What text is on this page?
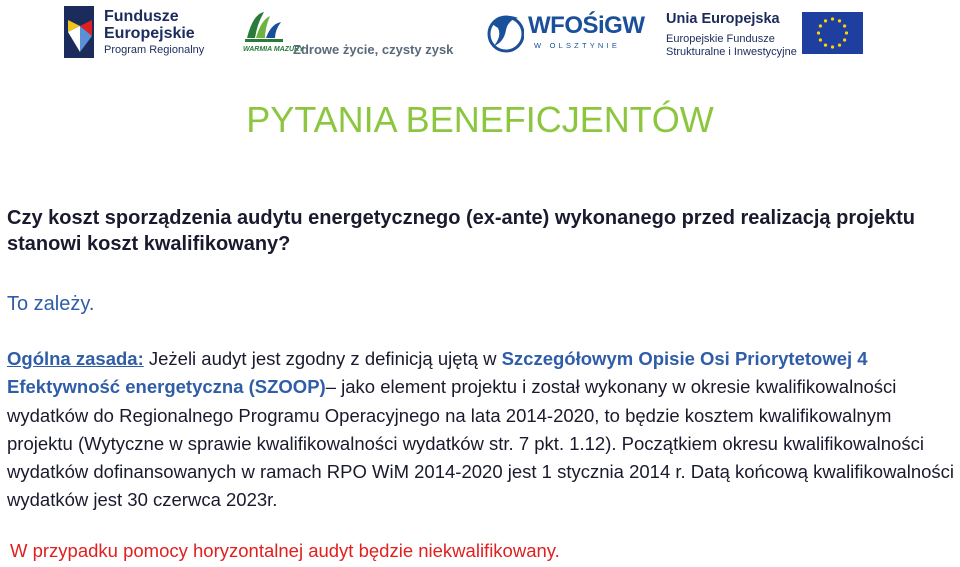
Fundusze
Europejskie
Program Regionalny	WARMIA MAZURY
Zdrowe życie, czysty zysk
WFOŚiGW
W OLSZTYNIE
Unia Europejska
Europejskie Fundusze
Strukturalne i Inwestycyjne
PYTANIA BENEFICJENTÓW

Czy koszt sporządzenia audytu energetycznego (ex-ante) wykonanego przed realizacją projektu stanowi koszt kwalifikowany?

To zależy.

Ogólna zasada: Jeżeli audyt jest zgodny z definicją ujętą w Szczegółowym Opisie Osi Priorytetowej 4 Efektywność energetyczna (SZOOP)– jako element projektu i został wykonany w okresie kwalifikowalności wydatków do Regionalnego Programu Operacyjnego na lata 2014-2020, to będzie kosztem kwalifikowalnym projektu (Wytyczne w sprawie kwalifikowalności wydatków str. 7 pkt. 1.12). Początkiem okresu kwalifikowalności wydatków dofinansowanych w ramach RPO WiM 2014-2020 jest 1 stycznia 2014 r. Datą końcową kwalifikowalności wydatków jest 30 czerwca 2023r.

W przypadku pomocy horyzontalnej audyt będzie niekwalifikowany.
